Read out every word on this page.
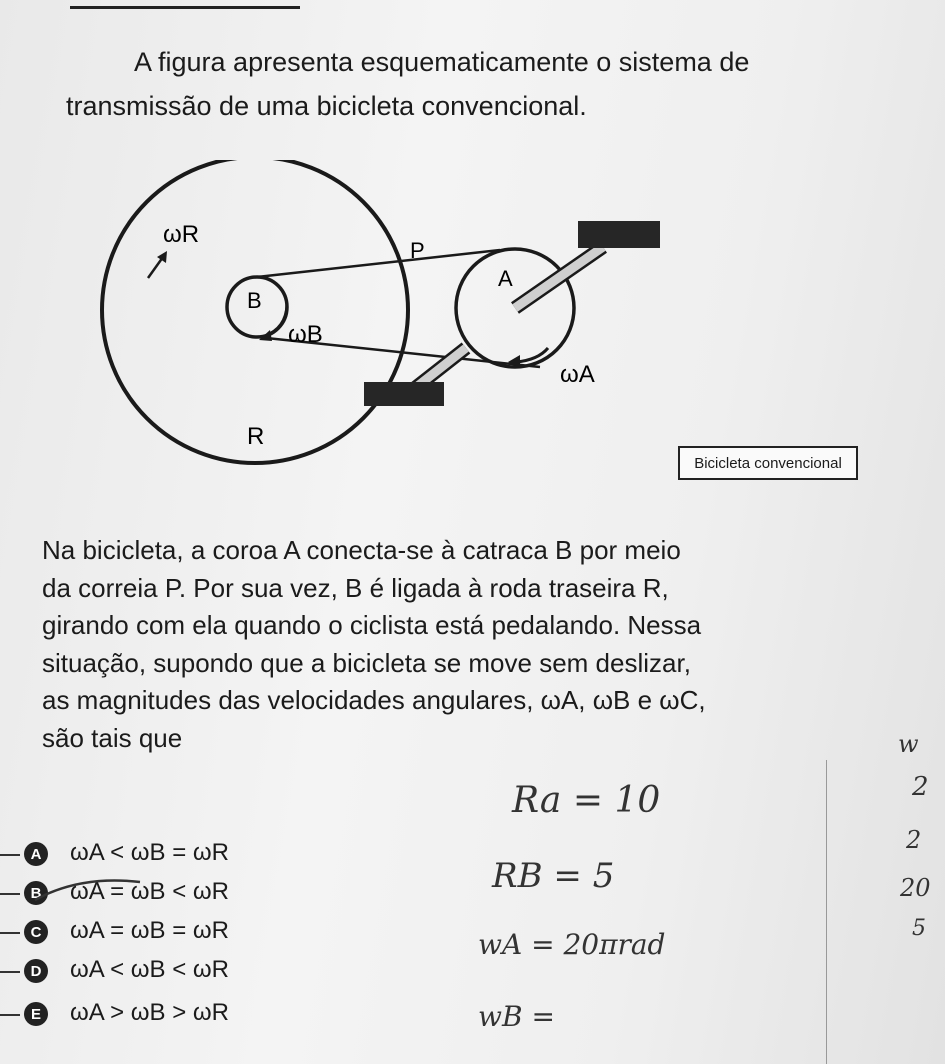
A figura apresenta esquematicamente o sistema de
transmissão de uma bicicleta convencional.
ωR
B
ωB
P
A
ωA
R
Bicicleta convencional
Na bicicleta, a coroa A conecta-se à catraca B por meio
da correia P. Por sua vez, B é ligada à roda traseira R,
girando com ela quando o ciclista está pedalando. Nessa
situação, supondo que a bicicleta se move sem deslizar,
as magnitudes das velocidades angulares, ωA, ωB e ωC,
são tais que
A ωA < ωB = ωR
B ωA = ωB < ωR
C ωA = ωB = ωR
D ωA < ωB < ωR
E ωA > ωB > ωR
Ra = 10
RB = 5
wA = 20πrad
wB =
w
2
2
20
5
